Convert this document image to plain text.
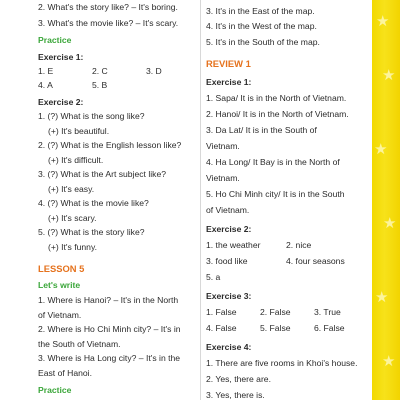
2. What's the story like? – It's boring.
3. What's the movie like? – It's scary.
Practice
Exercise 1:
1. E	2. C	3. D
4. A	5. B
Exercise 2:
1. (?) What is the song like?
(+) It's beautiful.
2. (?) What is the English lesson like?
(+) It's difficult.
3. (?) What is the Art subject like?
(+) It's easy.
4. (?) What is the movie like?
(+) It's scary.
5. (?) What is the story like?
(+) It's funny.
LESSON 5
Let's write
1. Where is Hanoi? – It's in the North
of Vietnam.
2. Where is Ho Chi Minh city? – It's in
the South of Vietnam.
3. Where is Ha Long city? – It's in the
East of Hanoi.
Practice
3. It's in the East of the map.
4. It's in the West of the map.
5. It's in the South of the map.
REVIEW 1
Exercise 1:
1. Sapa/ It is in the North of Vietnam.
2. Hanoi/ It is in the North of Vietnam.
3. Da Lat/ It is in the South of
Vietnam.
4. Ha Long/ It Bay is in the North of
Vietnam.
5. Ho Chi Minh city/ It is in the South
of Vietnam.
Exercise 2:
1. the weather	2. nice
3. food like	4. four seasons
5. a
Exercise 3:
1. False	2. False	3. True
4. False	5. False	6. False
Exercise 4:
1. There are five rooms in Khoi's house.
2. Yes, there are.
3. Yes, there is.
★
★
★
★
★
★
